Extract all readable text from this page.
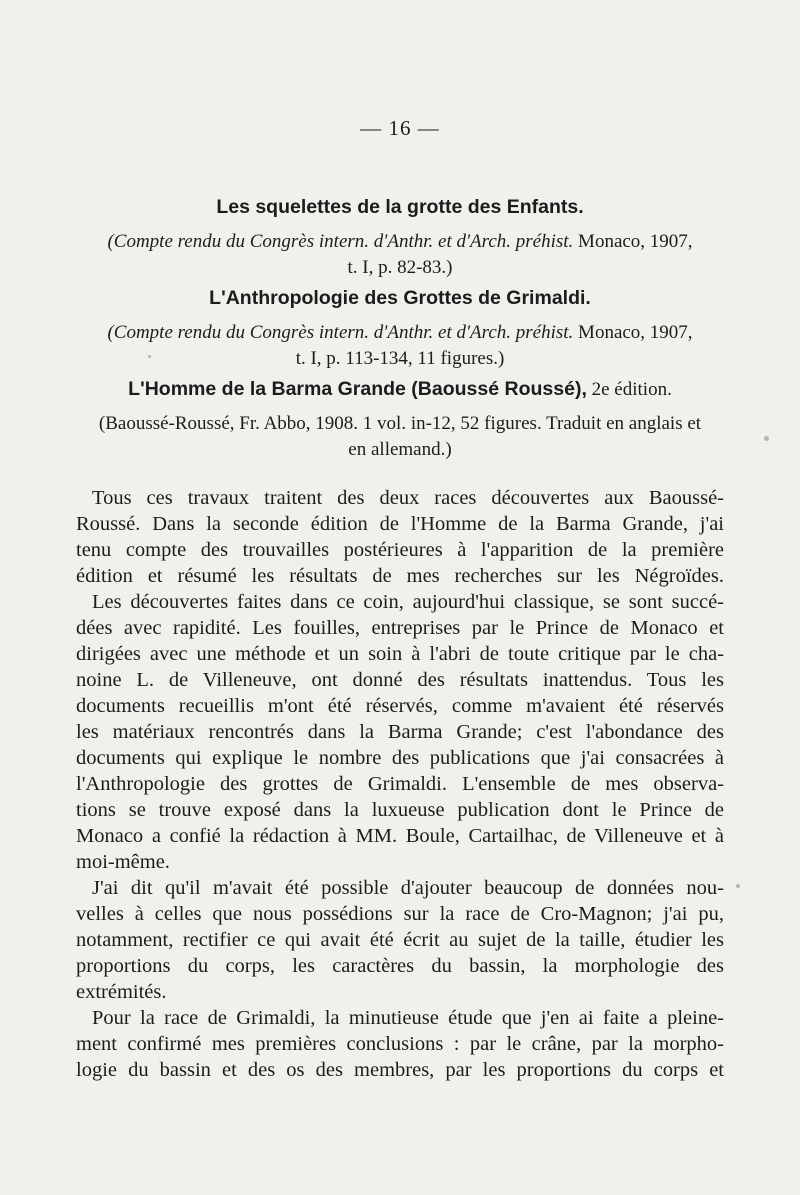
— 16 —
Les squelettes de la grotte des Enfants.
(Compte rendu du Congrès intern. d'Anthr. et d'Arch. préhist. Monaco, 1907,
t. I, p. 82-83.)
L'Anthropologie des Grottes de Grimaldi.
(Compte rendu du Congrès intern. d'Anthr. et d'Arch. préhist. Monaco, 1907,
t. I, p. 113-134, 11 figures.)
L'Homme de la Barma Grande (Baoussé Roussé), 2e édition.
(Baoussé-Roussé, Fr. Abbo, 1908. 1 vol. in-12, 52 figures. Traduit en anglais et
en allemand.)
Tous ces travaux traitent des deux races découvertes aux Baoussé-
Roussé. Dans la seconde édition de l'Homme de la Barma Grande, j'ai
tenu compte des trouvailles postérieures à l'apparition de la première
édition et résumé les résultats de mes recherches sur les Négroïdes.
Les découvertes faites dans ce coin, aujourd'hui classique, se sont succé-
dées avec rapidité. Les fouilles, entreprises par le Prince de Monaco et
dirigées avec une méthode et un soin à l'abri de toute critique par le cha-
noine L. de Villeneuve, ont donné des résultats inattendus. Tous les
documents recueillis m'ont été réservés, comme m'avaient été réservés
les matériaux rencontrés dans la Barma Grande; c'est l'abondance des
documents qui explique le nombre des publications que j'ai consacrées à
l'Anthropologie des grottes de Grimaldi. L'ensemble de mes observa-
tions se trouve exposé dans la luxueuse publication dont le Prince de
Monaco a confié la rédaction à MM. Boule, Cartailhac, de Villeneuve et à
moi-même.
J'ai dit qu'il m'avait été possible d'ajouter beaucoup de données nou-
velles à celles que nous possédions sur la race de Cro-Magnon; j'ai pu,
notamment, rectifier ce qui avait été écrit au sujet de la taille, étudier les
proportions du corps, les caractères du bassin, la morphologie des
extrémités.
Pour la race de Grimaldi, la minutieuse étude que j'en ai faite a pleine-
ment confirmé mes premières conclusions : par le crâne, par la morpho-
logie du bassin et des os des membres, par les proportions du corps et
